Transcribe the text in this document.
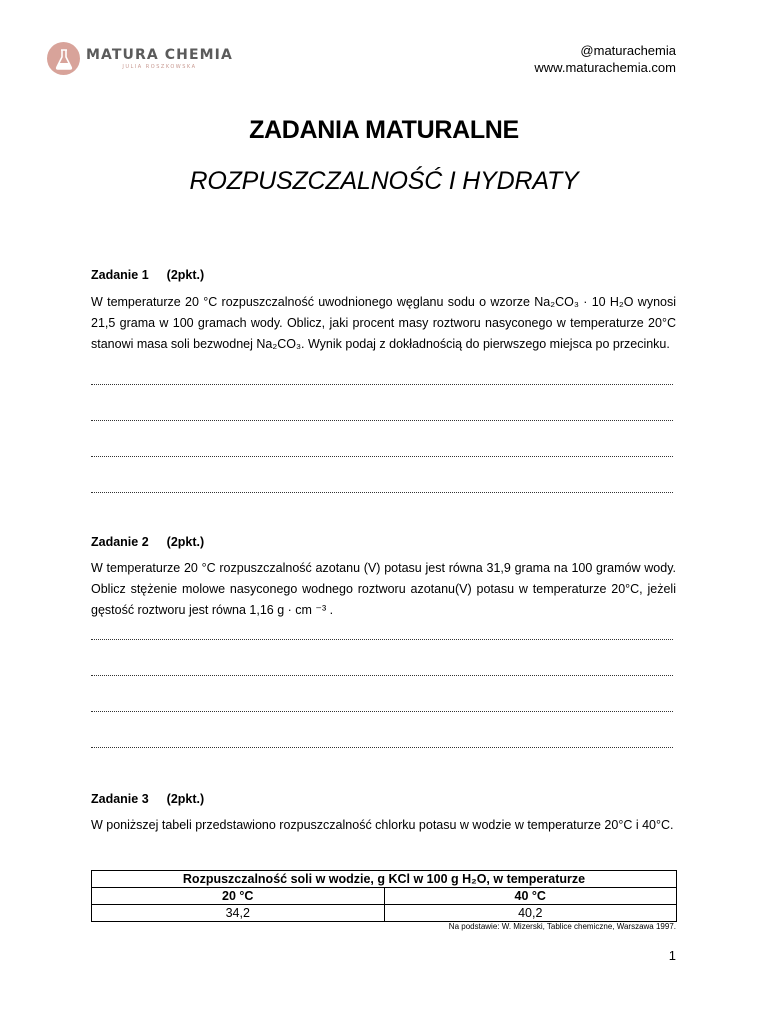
MATURA CHEMIA
JULIA ROSZKOWSKA
@maturachemia
www.maturachemia.com
ZADANIA MATURALNE
ROZPUSZCZALNOŚĆ I HYDRATY
Zadanie 1 (2pkt.)
W temperaturze 20 °C rozpuszczalność uwodnionego węglanu sodu o wzorze Na₂CO₃ · 10 H₂O wynosi 21,5 grama w 100 gramach wody. Oblicz, jaki procent masy roztworu nasyconego w temperaturze 20°C stanowi masa soli bezwodnej Na₂CO₃. Wynik podaj z dokładnością do pierwszego miejsca po przecinku.
Zadanie 2 (2pkt.)
W temperaturze 20 °C rozpuszczalność azotanu (V) potasu jest równa 31,9 grama na 100 gramów wody. Oblicz stężenie molowe nasyconego wodnego roztworu azotanu(V) potasu w temperaturze 20°C, jeżeli gęstość roztworu jest równa 1,16 g · cm ⁻³ .
Zadanie 3 (2pkt.)
W poniższej tabeli przedstawiono rozpuszczalność chlorku potasu w wodzie w temperaturze 20°C i 40°C.
Rozpuszczalność soli w wodzie, g KCl w 100 g H₂O, w temperaturze	
20 °C	40 °C
34,2	40,2
Na podstawie: W. Mizerski, Tablice chemiczne, Warszawa 1997.
1
